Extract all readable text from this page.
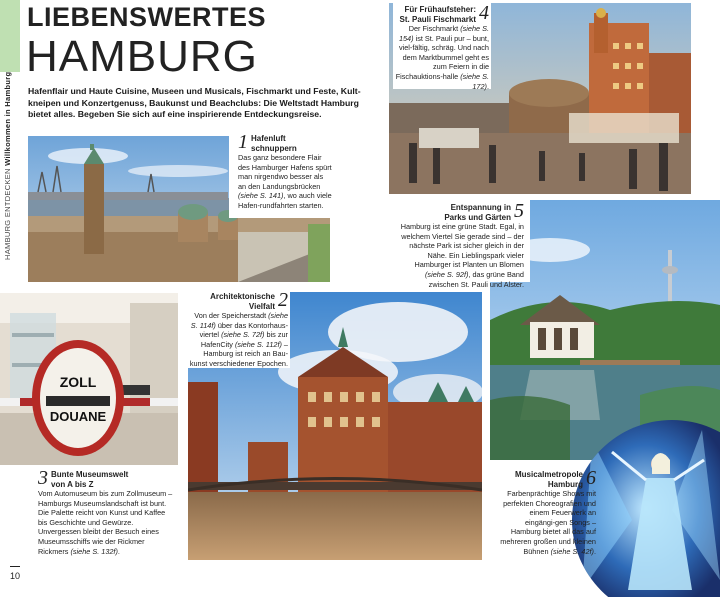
HAMBURG ENTDECKEN Willkommen in Hamburg
LIEBENSWERTES
HAMBURG
Hafenflair und Haute Cuisine, Museen und Musicals, Fischmarkt und Feste, Kult-kneipen und Konzertgenuss, Baukunst und Beachclubs: Die Weltstadt Hamburg bietet alles. Begeben Sie sich auf eine inspirierende Entdeckungsreise.
1 Hafenluft
schnuppern
Das ganz besondere Flair des Hamburger Hafens spürt man nirgendwo besser als an den Landungsbrücken (siehe S. 141), wo auch viele Hafen-rundfahrten starten.
Für Frühaufsteher:
St. Pauli Fischmarkt 4
Der Fischmarkt (siehe S. 154) ist St. Pauli pur – bunt, viel-fältig, schräg. Und nach dem Marktbummel geht es zum Feiern in die Fischauktions-halle (siehe S. 172).
Entspannung in
Parks und Gärten 5
Hamburg ist eine grüne Stadt. Egal, in welchem Viertel Sie gerade sind – der nächste Park ist sicher gleich in der Nähe. Ein Lieblingspark vieler Hamburger ist Planten un Blomen (siehe S. 92f), das grüne Band zwischen St. Pauli und Alster.
ZOLL
DOUANE
3 Bunte Museumswelt
von A bis Z
Vom Automuseum bis zum Zollmuseum – Hamburgs Museumslandschaft ist bunt. Die Palette reicht von Kunst und Kaffee bis Geschichte und Gewürze. Unvergessen bleibt der Besuch eines Museumsschiffs wie der Rickmer Rickmers (siehe S. 132f).
Architektonische
Vielfalt 2
Von der Speicherstadt (siehe S. 114f) über das Kontorhaus-viertel (siehe S. 72f) bis zur HafenCity (siehe S. 112f) – Hamburg ist reich an Bau-kunst verschiedener Epochen.
Musicalmetropole
Hamburg 6
Farbenprächtige Shows mit perfekten Choreografien und einem Feuerwerk an eingängi-gen Songs – Hamburg bietet all das auf mehreren großen und kleinen Bühnen (siehe S. 42f).
10
